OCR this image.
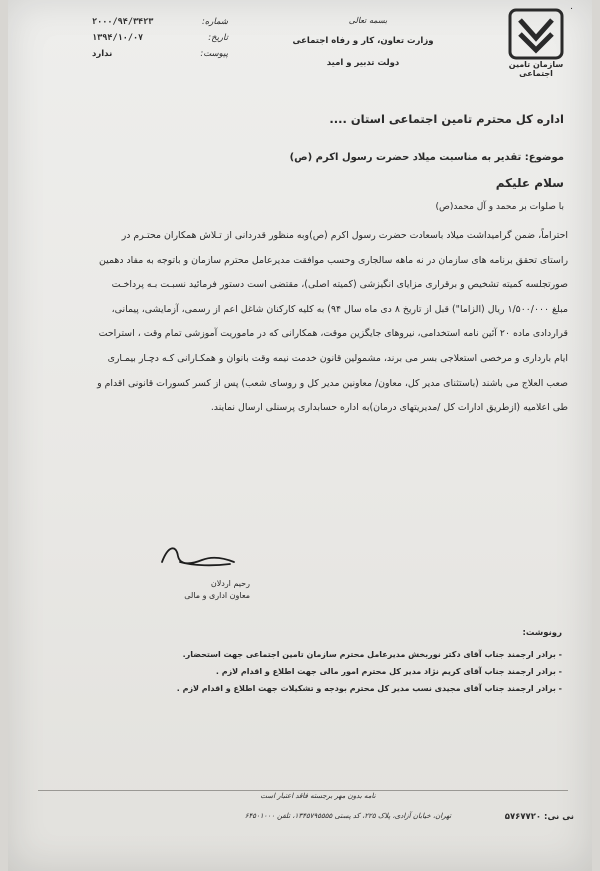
۰
سازمان تامین اجتماعی
بسمه تعالی
وزارت تعاون، کار و رفاه اجتماعی
دولت تدبیر و امید
۲۰۰۰/۹۴/۳۴۲۳	شماره:
۱۳۹۴/۱۰/۰۷	تاریخ:
ندارد	پیوست:
اداره کل محترم تامین اجتماعی استان ....
موضوع: تقدیر به مناسبت میلاد حضرت رسول اکرم (ص)
سلام علیکم
با صلوات بر محمد و آل محمد(ص)
احتراماً، ضمن گرامیداشت میلاد باسعادت حضرت رسول اکرم (ص)وبه منظور قدردانی از تـلاش همکاران محتـرم در
راستای تحقق برنامه های سازمان در نه ماهه سالجاری وحسب موافقت مدیرعامل محترم سازمان و باتوجه به مفاد دهمین
صورتجلسه کمیته تشخیص و برقراری مزایای انگیزشی (کمیته اصلی)، مقتضی است دستور فرمائید نسبـت بـه پرداخـت
مبلغ ۱/۵۰۰/۰۰۰ ریال (الزاما") قبل از تاریخ ۸ دی ماه سال ۹۴) به کلیه کارکنان شاغل اعم از رسمی، آزمایشی، پیمانی،
قراردادی ماده ۲۰ آئین نامه استخدامی، نیروهای جایگزین موقت، همکارانی که در ماموریت آموزشی تمام وقت ، استراحت
ایام بارداری و مرخصی استعلاجی بسر می برند، مشمولین قانون خدمت نیمه وقت بانوان و همکـارانی کـه دچـار بیمـاری
صعب العلاج می باشند (باستثنای مدیر کل، معاون/ معاونین مدیر کل و روسای شعب) پس از کسر کسورات قانونی اقدام و
طی اعلامیه (ازطریق ادارات کل /مدیریتهای درمان)به اداره حسابداری پرسنلی ارسال نمایند.
رحیم اردلان
معاون اداری و مالی
رونوشت:
- برادر ارجمند جناب آقای دکتر نوربخش مدیرعامل محترم سازمان تامین اجتماعی جهت استحضار.
- برادر ارجمند جناب آقای کریم نژاد مدیر کل محترم امور مالی جهت اطلاع و اقدام لازم .
- برادر ارجمند جناب آقای مجیدی نسب مدیر کل محترم بودجه و تشکیلات جهت اطلاع و اقدام لازم .
نامه بدون مهر برجسته فاقد اعتبار است
تهران، خیابان آزادی، پلاک ۲۲۵، کد پستی ۱۳۴۵۷۹۵۵۵۵، تلفن ۶۴۵۰۱۰۰۰	نی نی: ۵۷۶۷۷۲۰
